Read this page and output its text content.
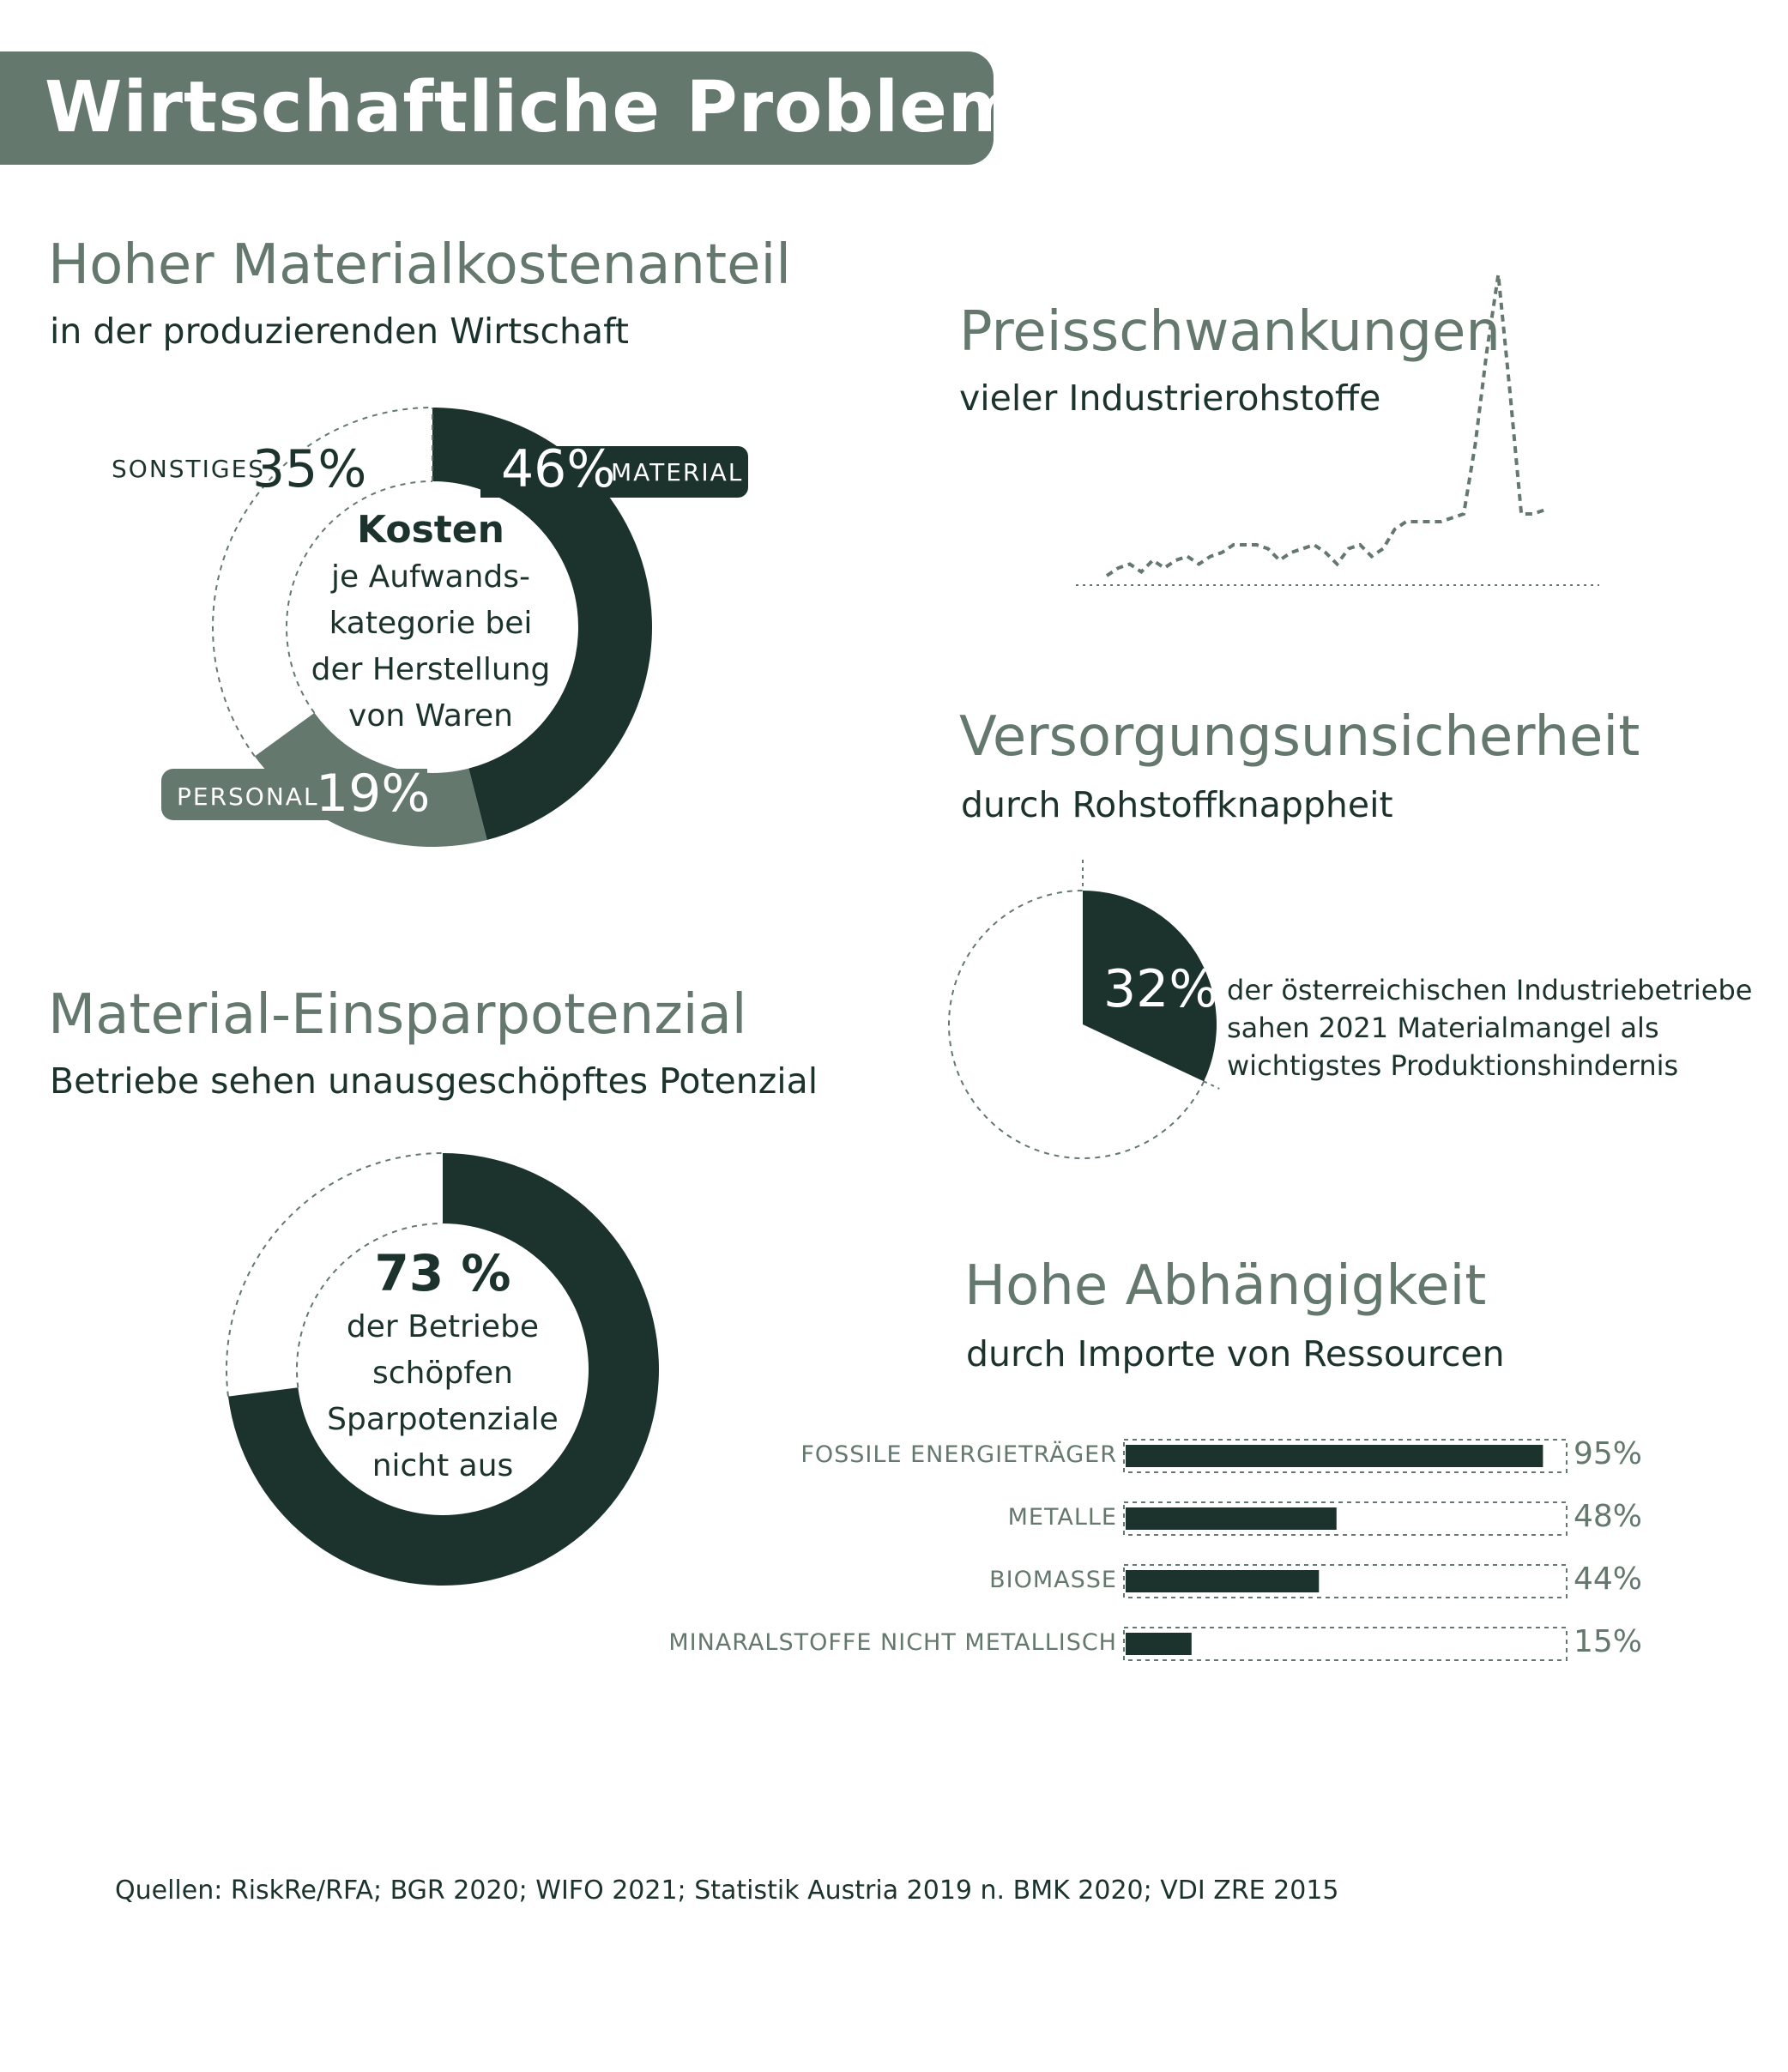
Wirtschaftliche Probleme
Hoher Materialkostenanteil
in der produzierenden Wirtschaft
46%
MATERIAL
SONSTIGES
35%
PERSONAL
19%
Kosten
je Aufwands-
kategorie bei
der Herstellung
von Waren
Preisschwankungen
vieler Industrierohstoffe
Versorgungsunsicherheit
durch Rohstoffknappheit
32% der österreichischen Industriebetriebe
sahen 2021 Materialmangel als
wichtigstes Produktionshindernis
Material-Einsparpotenzial
Betriebe sehen unausgeschöpftes Potenzial
73 %
der Betriebe
schöpfen
Sparpotenziale
nicht aus
Hohe Abhängigkeit
durch Importe von Ressourcen
FOSSILE ENERGIETRÄGER	95%
METALLE	48%
BIOMASSE	44%
MINARALSTOFFE NICHT METALLISCH	15%
Quellen: RiskRe/RFA; BGR 2020; WIFO 2021; Statistik Austria 2019 n. BMK 2020; VDI ZRE 2015
